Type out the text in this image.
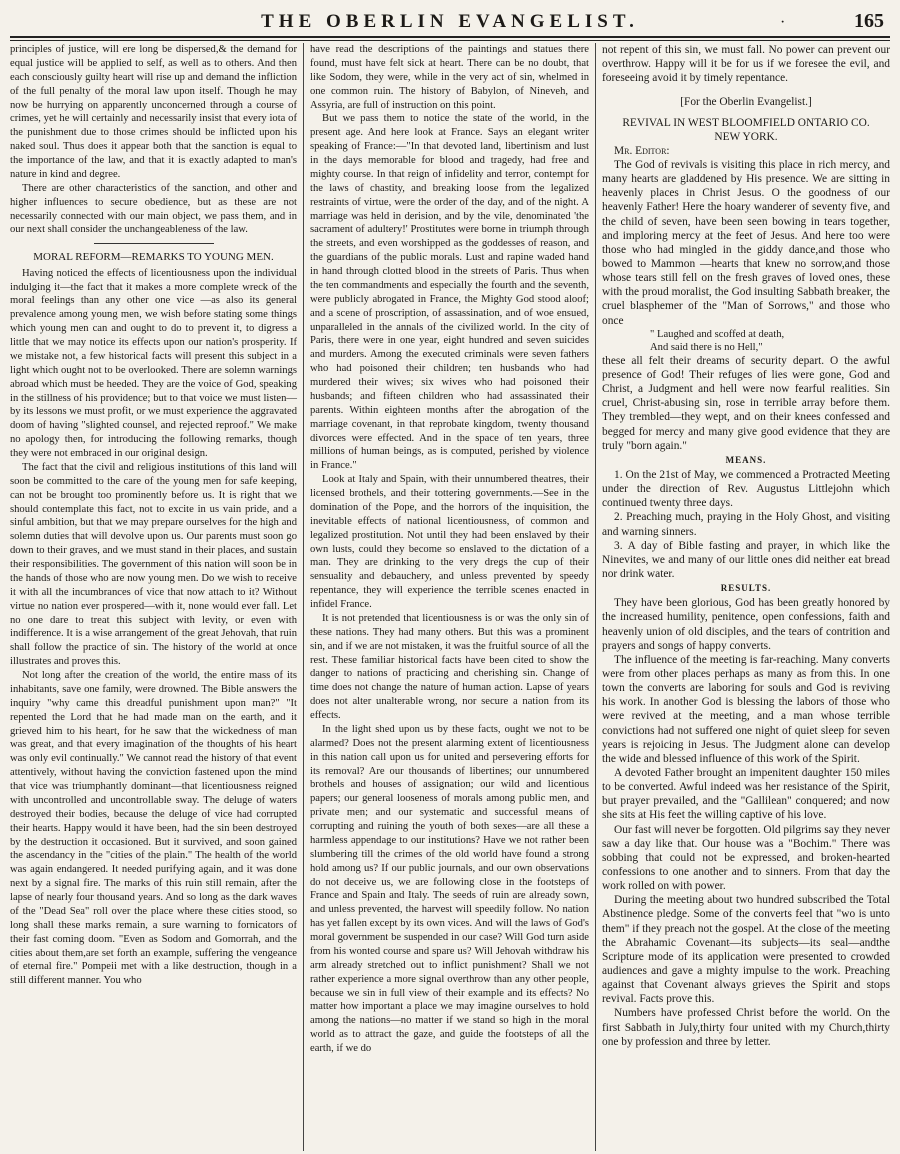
THE OBERLIN EVANGELIST.	·	165

principles of justice, will ere long be dispersed,& the demand for equal justice will be applied to self, as well as to others. And then each consciously guilty heart will rise up and demand the infliction of the full penalty of the moral law upon itself. Though he may now be hurrying on apparently unconcerned through a course of crimes, yet he will certainly and necessarily insist that every iota of the punishment due to those crimes should be inflicted upon his naked soul. Thus does it appear both that the sanction is equal to the importance of the law, and that it is exactly adapted to man's nature in kind and degree.

There are other characteristics of the sanction, and other and higher influences to secure obedience, but as these are not necessarily connected with our main object, we pass them, and in our next shall consider the unchangeableness of the law.

MORAL REFORM—REMARKS TO YOUNG MEN.

Having noticed the effects of licentiousness upon the individual indulging it—the fact that it makes a more complete wreck of the moral feelings than any other one vice —as also its general prevalence among young men, we wish before stating some things which young men can and ought to do to prevent it, to digress a little that we may notice its effects upon our nation's prosperity. If we mistake not, a few historical facts will present this subject in a light which ought not to be overlooked. There are solemn warnings abroad which must be heeded. They are the voice of God, speaking in the stillness of his providence; but to that voice we must listen—by its lessons we must profit, or we must experience the aggravated doom of having "slighted counsel, and rejected reproof." We make no apology then, for introducing the following remarks, though they were not embraced in our original design.

The fact that the civil and religious institutions of this land will soon be committed to the care of the young men for safe keeping, can not be brought too prominently before us. It is right that we should contemplate this fact, not to excite in us vain pride, and a sinful ambition, but that we may prepare ourselves for the high and solemn duties that will devolve upon us. Our parents must soon go down to their graves, and we must stand in their places, and sustain their responsibilities. The government of this nation will soon be in the hands of those who are now young men. Do we wish to receive it with all the incumbrances of vice that now attach to it? Without virtue no nation ever prospered—with it, none would ever fall. Let no one dare to treat this subject with levity, or even with indifference. It is a wise arrangement of the great Jehovah, that ruin shall follow the practice of sin. The history of the world at once illustrates and proves this.

Not long after the creation of the world, the entire mass of its inhabitants, save one family, were drowned. The Bible answers the inquiry "why came this dreadful punishment upon man?" "It repented the Lord that he had made man on the earth, and it grieved him to his heart, for he saw that the wickedness of man was great, and that every imagination of the thoughts of his heart was only evil continually." We cannot read the history of that event attentively, without having the conviction fastened upon the mind that vice was triumphantly dominant—that licentiousness reigned with uncontrolled and uncontrollable sway. The deluge of waters destroyed their bodies, because the deluge of vice had corrupted their hearts. Happy would it have been, had the sin been destroyed by the destruction it occasioned. But it survived, and soon gained the ascendancy in the "cities of the plain." The health of the world was again endangered. It needed purifying again, and it was done next by a signal fire. The marks of this ruin still remain, after the lapse of nearly four thousand years. And so long as the dark waves of the "Dead Sea" roll over the place where these cities stood, so long shall these marks remain, a sure warning to fornicators of their fast coming doom. "Even as Sodom and Gomorrah, and the cities about them,are set forth an example, suffering the vengeance of eternal fire." Pompeii met with a like destruction, though in a still different manner. You who

have read the descriptions of the paintings and statues there found, must have felt sick at heart. There can be no doubt, that like Sodom, they were, while in the very act of sin, whelmed in one common ruin. The history of Babylon, of Nineveh, and Assyria, are full of instruction on this point.

But we pass them to notice the state of the world, in the present age. And here look at France. Says an elegant writer speaking of France:—"In that devoted land, libertinism and lust in the days memorable for blood and tragedy, had free and mighty course. In that reign of infidelity and terror, contempt for the laws of chastity, and breaking loose from the legalized restraints of virtue, were the order of the day, and of the night. A marriage was held in derision, and by the vile, denominated 'the sacrament of adultery!' Prostitutes were borne in triumph through the streets, and even worshipped as the goddesses of reason, and the guardians of the public morals. Lust and rapine waded hand in hand through clotted blood in the streets of Paris. Thus when the ten commandments and especially the fourth and the seventh, were publicly abrogated in France, the Mighty God stood aloof; and a scene of proscription, of assassination, and of woe ensued, unparalleled in the annals of the civilized world. In the city of Paris, there were in one year, eight hundred and seven suicides and murders. Among the executed criminals were seven fathers who had poisoned their children; ten husbands who had murdered their wives; six wives who had poisoned their husbands; and fifteen children who had assassinated their parents. Within eighteen months after the abrogation of the marriage covenant, in that reprobate kingdom, twenty thousand divorces were effected. And in the space of ten years, three millions of human beings, as is computed, perished by violence in France."

Look at Italy and Spain, with their unnumbered theatres, their licensed brothels, and their tottering governments.—See in the domination of the Pope, and the horrors of the inquisition, the inevitable effects of national licentiousness, of common and legalized prostitution. Not until they had been enslaved by their own lusts, could they become so enslaved to the dictation of a man. They are drinking to the very dregs the cup of their sensuality and debauchery, and unless prevented by speedy repentance, they will experience the terrible scenes enacted in infidel France.

It is not pretended that licentiousness is or was the only sin of these nations. They had many others. But this was a prominent sin, and if we are not mistaken, it was the fruitful source of all the rest. These familiar historical facts have been cited to show the danger to nations of practicing and cherishing sin. Change of time does not change the nature of human action. Lapse of years does not alter unalterable wrong, nor secure a nation from its effects.

In the light shed upon us by these facts, ought we not to be alarmed? Does not the present alarming extent of licentiousness in this nation call upon us for united and persevering efforts for its removal? Are our thousands of libertines; our unnumbered brothels and houses of assignation; our wild and licentious papers; our general looseness of morals among public men, and private men; and our systematic and successful means of corrupting and ruining the youth of both sexes—are all these a harmless appendage to our institutions? Have we not rather been slumbering till the crimes of the old world have found a strong hold among us? If our public journals, and our own observations do not deceive us, we are following close in the footsteps of France and Spain and Italy. The seeds of ruin are already sown, and unless prevented, the harvest will speedily follow. No nation has yet fallen except by its own vices. And will the laws of God's moral government be suspended in our case? Will God turn aside from his wonted course and spare us? Will Jehovah withdraw his arm already stretched out to inflict punishment? Shall we not rather experience a more signal overthrow than any other people, because we sin in full view of their example and its effects? No matter how important a place we may imagine ourselves to hold among the nations—no matter if we stand so high in the moral world as to attract the gaze, and guide the footsteps of all the earth, if we do

not repent of this sin, we must fall. No power can prevent our overthrow. Happy will it be for us if we foresee the evil, and foreseeing avoid it by timely repentance.

[For the Oberlin Evangelist.]
REVIVAL IN WEST BLOOMFIELD ONTARIO CO.
NEW YORK.

Mr. Editor:

The God of revivals is visiting this place in rich mercy, and many hearts are gladdened by His presence. We are sitting in heavenly places in Christ Jesus. O the goodness of our heavenly Father! Here the hoary wanderer of seventy five, and the child of seven, have been seen bowing in tears together, and imploring mercy at the feet of Jesus. And here too were those who had mingled in the giddy dance,and those who bowed to Mammon —hearts that knew no sorrow,and those whose tears still fell on the fresh graves of loved ones, these with the proud moralist, the God insulting Sabbath breaker, the cruel blasphemer of the "Man of Sorrows," and those who once

" Laughed and scoffed at death,
And said there is no Hell,"

these all felt their dreams of security depart. O the awful presence of God! Their refuges of lies were gone, God and Christ, a Judgment and hell were now fearful realities. Sin cruel, Christ-abusing sin, rose in terrible array before them. They trembled—they wept, and on their knees confessed and begged for mercy and many give good evidence that they are truly "born again."

MEANS.

1. On the 21st of May, we commenced a Protracted Meeting under the direction of Rev. Augustus Littlejohn which continued twenty three days.

2. Preaching much, praying in the Holy Ghost, and visiting and warning sinners.

3. A day of Bible fasting and prayer, in which like the Ninevites, we and many of our little ones did neither eat bread nor drink water.

RESULTS.

They have been glorious, God has been greatly honored by the increased humility, penitence, open confessions, faith and heavenly union of old disciples, and the tears of contrition and prayers and songs of happy converts.

The influence of the meeting is far-reaching. Many converts were from other places perhaps as many as from this. In one town the converts are laboring for souls and God is reviving his work. In another God is blessing the labors of those who were revived at the meeting, and a man whose terrible convictions had not suffered one night of quiet sleep for seven years is rejoicing in Jesus. The Judgment alone can develop the wide and blessed influence of this work of the Spirit.

A devoted Father brought an impenitent daughter 150 miles to be converted. Awful indeed was her resistance of the Spirit, but prayer prevailed, and the "Gallilean" conquered; and now she sits at His feet the willing captive of his love.

Our fast will never be forgotten. Old pilgrims say they never saw a day like that. Our house was a "Bochim." There was sobbing that could not be expressed, and broken-hearted confessions to one another and to sinners. From that day the work rolled on with power.

During the meeting about two hundred subscribed the Total Abstinence pledge. Some of the converts feel that "wo is unto them" if they preach not the gospel. At the close of the meeting the Abrahamic Covenant—its subjects—its seal—andthe Scripture mode of its application were presented to crowded audiences and gave a mighty impulse to the work. Preaching against that Covenant always grieves the Spirit and stops revival. Facts prove this.

Numbers have professed Christ before the world. On the first Sabbath in July,thirty four united with my Church,thirty one by profession and three by letter.
